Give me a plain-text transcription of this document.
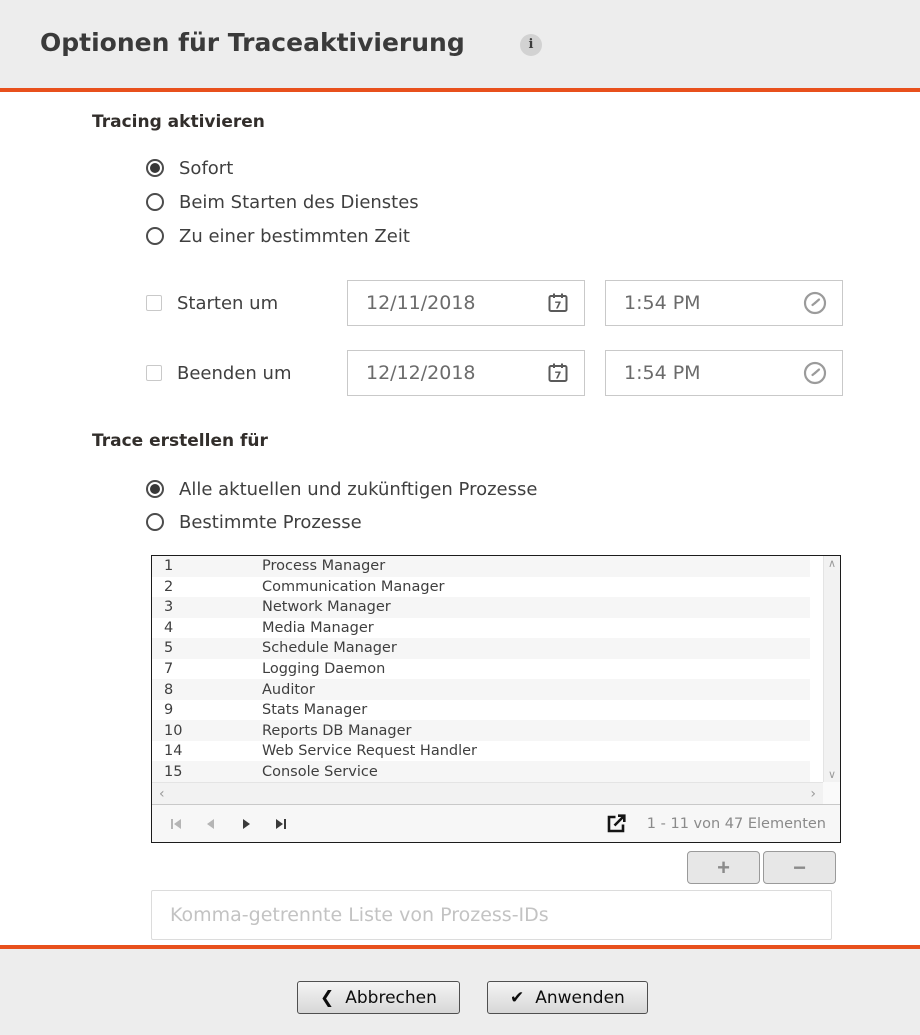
Optionen für Traceaktivierung	i
Tracing aktivieren
Sofort
Beim Starten des Dienstes
Zu einer bestimmten Zeit
Starten um	12/11/2018	7	1:54 PM
Beenden um	12/12/2018	7	1:54 PM
Trace erstellen für
Alle aktuellen und zukünftigen Prozesse
Bestimmte Prozesse
1	Process Manager
2	Communication Manager
3	Network Manager
4	Media Manager
5	Schedule Manager
7	Logging Daemon
8	Auditor
9	Stats Manager
10	Reports DB Manager
14	Web Service Request Handler
15	Console Service
∧
∨
‹	›
1 - 11 von 47 Elementen
+	−
Komma-getrennte Liste von Prozess-IDs
❮ Abbrechen	✔ Anwenden
